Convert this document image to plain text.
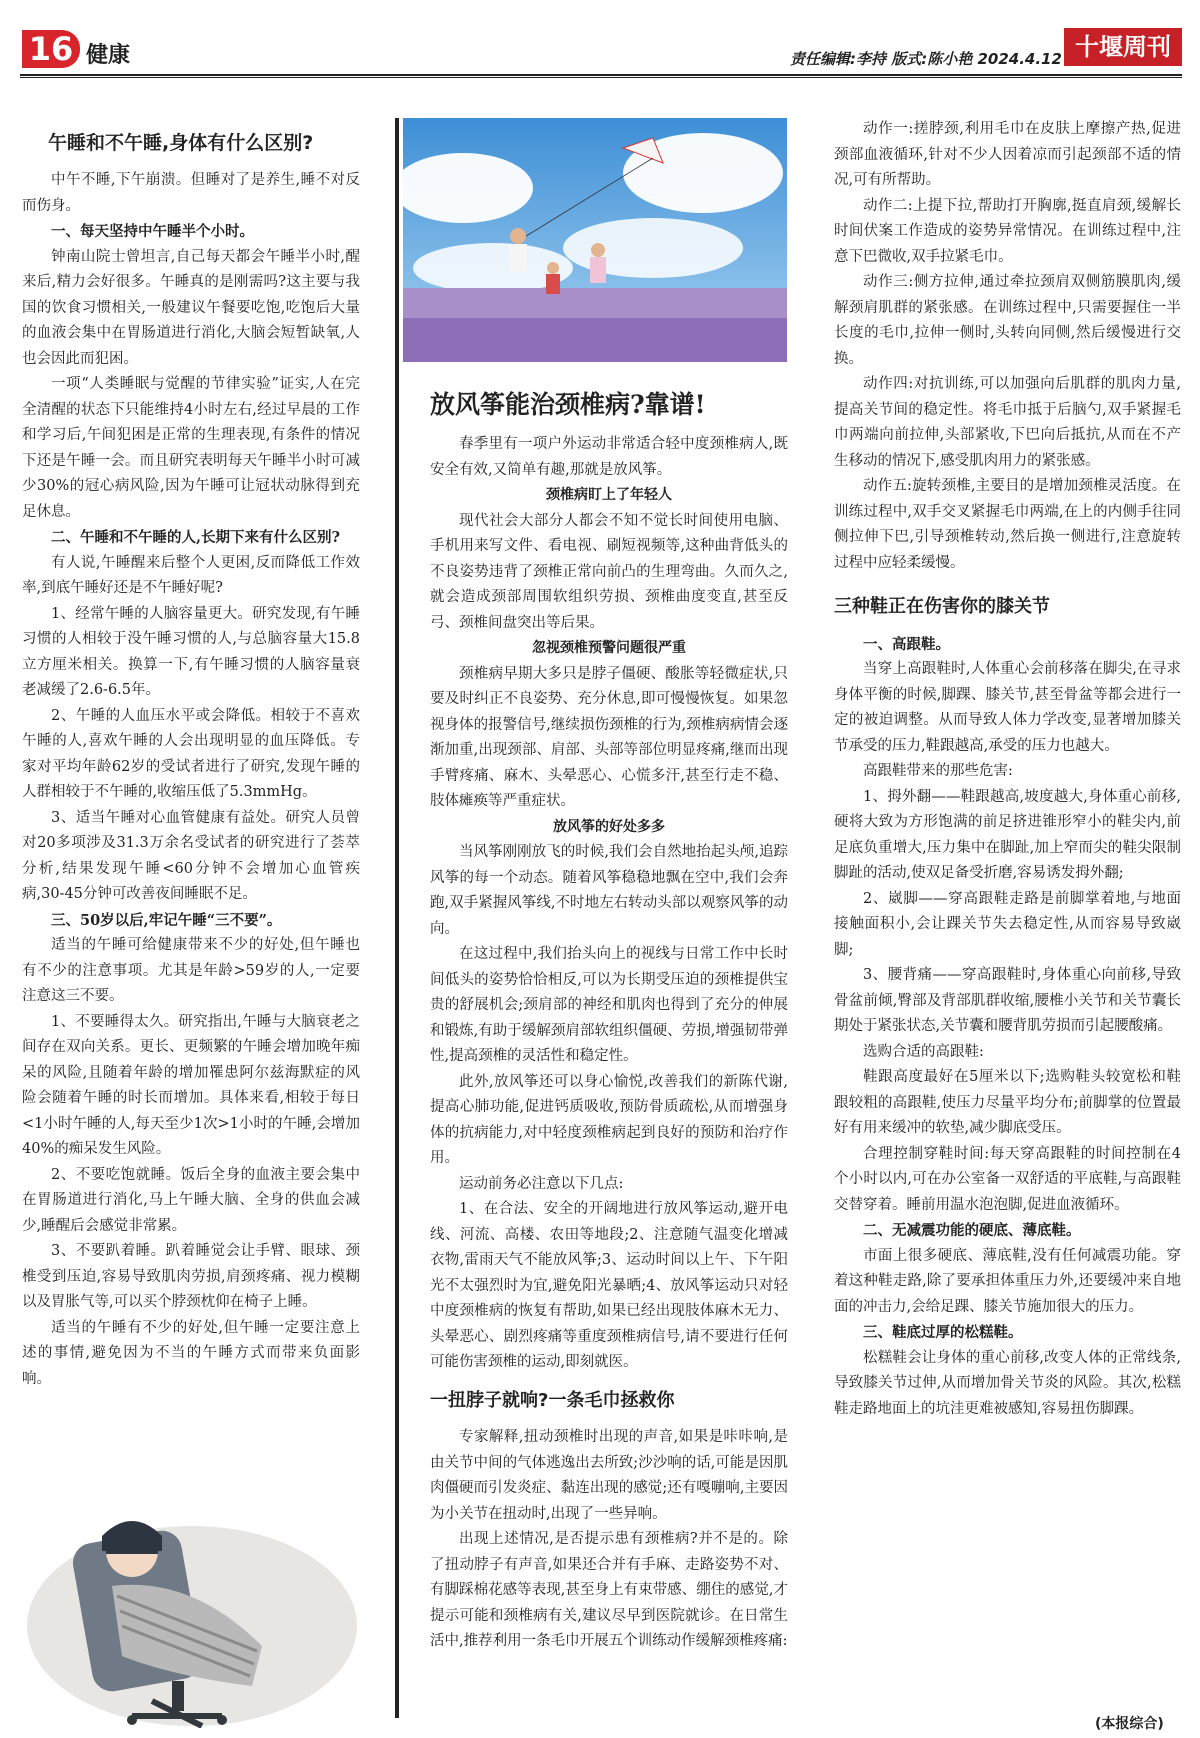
16 健康	责任编辑:李持 版式:陈小艳 2024.4.12 十堰周刊
午睡和不午睡,身体有什么区别?

中午不睡,下午崩溃。但睡对了是养生,睡不对反而伤身。

一、每天坚持中午睡半个小时。

钟南山院士曾坦言,自己每天都会午睡半小时,醒来后,精力会好很多。午睡真的是刚需吗?这主要与我国的饮食习惯相关,一般建议午餐要吃饱,吃饱后大量的血液会集中在胃肠道进行消化,大脑会短暂缺氧,人也会因此而犯困。

一项“人类睡眠与觉醒的节律实验”证实,人在完全清醒的状态下只能维持4小时左右,经过早晨的工作和学习后,午间犯困是正常的生理表现,有条件的情况下还是午睡一会。而且研究表明每天午睡半小时可减少30%的冠心病风险,因为午睡可让冠状动脉得到充足休息。

二、午睡和不午睡的人,长期下来有什么区别?

有人说,午睡醒来后整个人更困,反而降低工作效率,到底午睡好还是不午睡好呢?

1、经常午睡的人脑容量更大。研究发现,有午睡习惯的人相较于没午睡习惯的人,与总脑容量大15.8立方厘米相关。换算一下,有午睡习惯的人脑容量衰老减缓了2.6-6.5年。

2、午睡的人血压水平或会降低。相较于不喜欢午睡的人,喜欢午睡的人会出现明显的血压降低。专家对平均年龄62岁的受试者进行了研究,发现午睡的人群相较于不午睡的,收缩压低了5.3mmHg。

3、适当午睡对心血管健康有益处。研究人员曾对20多项涉及31.3万余名受试者的研究进行了荟萃分析,结果发现午睡<60分钟不会增加心血管疾病,30-45分钟可改善夜间睡眠不足。

三、50岁以后,牢记午睡“三不要”。

适当的午睡可给健康带来不少的好处,但午睡也有不少的注意事项。尤其是年龄>59岁的人,一定要注意这三不要。

1、不要睡得太久。研究指出,午睡与大脑衰老之间存在双向关系。更长、更频繁的午睡会增加晚年痴呆的风险,且随着年龄的增加罹患阿尔兹海默症的风险会随着午睡的时长而增加。具体来看,相较于每日<1小时午睡的人,每天至少1次>1小时的午睡,会增加40%的痴呆发生风险。

2、不要吃饱就睡。饭后全身的血液主要会集中在胃肠道进行消化,马上午睡大脑、全身的供血会减少,睡醒后会感觉非常累。

3、不要趴着睡。趴着睡觉会让手臂、眼球、颈椎受到压迫,容易导致肌肉劳损,肩颈疼痛、视力模糊以及胃胀气等,可以买个脖颈枕仰在椅子上睡。

适当的午睡有不少的好处,但午睡一定要注意上述的事情,避免因为不当的午睡方式而带来负面影响。

放风筝能治颈椎病?靠谱!

春季里有一项户外运动非常适合轻中度颈椎病人,既安全有效,又简单有趣,那就是放风筝。

颈椎病盯上了年轻人

现代社会大部分人都会不知不觉长时间使用电脑、手机用来写文件、看电视、刷短视频等,这种曲背低头的不良姿势违背了颈椎正常向前凸的生理弯曲。久而久之,就会造成颈部周围软组织劳损、颈椎曲度变直,甚至反弓、颈椎间盘突出等后果。

忽视颈椎预警问题很严重

颈椎病早期大多只是脖子僵硬、酸胀等轻微症状,只要及时纠正不良姿势、充分休息,即可慢慢恢复。如果忽视身体的报警信号,继续损伤颈椎的行为,颈椎病病情会逐渐加重,出现颈部、肩部、头部等部位明显疼痛,继而出现手臂疼痛、麻木、头晕恶心、心慌多汗,甚至行走不稳、肢体瘫痪等严重症状。

放风筝的好处多多

当风筝刚刚放飞的时候,我们会自然地抬起头颅,追踪风筝的每一个动态。随着风筝稳稳地飘在空中,我们会奔跑,双手紧握风筝线,不时地左右转动头部以观察风筝的动向。

在这过程中,我们抬头向上的视线与日常工作中长时间低头的姿势恰恰相反,可以为长期受压迫的颈椎提供宝贵的舒展机会;颈肩部的神经和肌肉也得到了充分的伸展和锻炼,有助于缓解颈肩部软组织僵硬、劳损,增强韧带弹性,提高颈椎的灵活性和稳定性。

此外,放风筝还可以身心愉悦,改善我们的新陈代谢,提高心肺功能,促进钙质吸收,预防骨质疏松,从而增强身体的抗病能力,对中轻度颈椎病起到良好的预防和治疗作用。

运动前务必注意以下几点:

1、在合法、安全的开阔地进行放风筝运动,避开电线、河流、高楼、农田等地段;2、注意随气温变化增减衣物,雷雨天气不能放风筝;3、运动时间以上午、下午阳光不太强烈时为宜,避免阳光暴晒;4、放风筝运动只对轻中度颈椎病的恢复有帮助,如果已经出现肢体麻木无力、头晕恶心、剧烈疼痛等重度颈椎病信号,请不要进行任何可能伤害颈椎的运动,即刻就医。

一扭脖子就响?一条毛巾拯救你

专家解释,扭动颈椎时出现的声音,如果是咔咔响,是由关节中间的气体逃逸出去所致;沙沙响的话,可能是因肌肉僵硬而引发炎症、黏连出现的感觉;还有嘎嘣响,主要因为小关节在扭动时,出现了一些异响。

出现上述情况,是否提示患有颈椎病?并不是的。除了扭动脖子有声音,如果还合并有手麻、走路姿势不对、有脚踩棉花感等表现,甚至身上有束带感、绷住的感觉,才提示可能和颈椎病有关,建议尽早到医院就诊。在日常生活中,推荐利用一条毛巾开展五个训练动作缓解颈椎疼痛:

动作一:搓脖颈,利用毛巾在皮肤上摩擦产热,促进颈部血液循环,针对不少人因着凉而引起颈部不适的情况,可有所帮助。

动作二:上提下拉,帮助打开胸廓,挺直肩颈,缓解长时间伏案工作造成的姿势异常情况。在训练过程中,注意下巴微收,双手拉紧毛巾。

动作三:侧方拉伸,通过牵拉颈肩双侧筋膜肌肉,缓解颈肩肌群的紧张感。在训练过程中,只需要握住一半长度的毛巾,拉伸一侧时,头转向同侧,然后缓慢进行交换。

动作四:对抗训练,可以加强向后肌群的肌肉力量,提高关节间的稳定性。将毛巾抵于后脑勺,双手紧握毛巾两端向前拉伸,头部紧收,下巴向后抵抗,从而在不产生移动的情况下,感受肌肉用力的紧张感。

动作五:旋转颈椎,主要目的是增加颈椎灵活度。在训练过程中,双手交叉紧握毛巾两端,在上的内侧手往同侧拉伸下巴,引导颈椎转动,然后换一侧进行,注意旋转过程中应轻柔缓慢。

三种鞋正在伤害你的膝关节

一、高跟鞋。

当穿上高跟鞋时,人体重心会前移落在脚尖,在寻求身体平衡的时候,脚踝、膝关节,甚至骨盆等都会进行一定的被迫调整。从而导致人体力学改变,显著增加膝关节承受的压力,鞋跟越高,承受的压力也越大。

高跟鞋带来的那些危害:

1、拇外翻——鞋跟越高,坡度越大,身体重心前移,硬将大致为方形饱满的前足挤进锥形窄小的鞋尖内,前足底负重增大,压力集中在脚趾,加上窄而尖的鞋尖限制脚趾的活动,使双足备受折磨,容易诱发拇外翻;

2、崴脚——穿高跟鞋走路是前脚掌着地,与地面接触面积小,会让踝关节失去稳定性,从而容易导致崴脚;

3、腰背痛——穿高跟鞋时,身体重心向前移,导致骨盆前倾,臀部及背部肌群收缩,腰椎小关节和关节囊长期处于紧张状态,关节囊和腰背肌劳损而引起腰酸痛。

选购合适的高跟鞋:

鞋跟高度最好在5厘米以下;选购鞋头较宽松和鞋跟较粗的高跟鞋,使压力尽量平均分布;前脚掌的位置最好有用来缓冲的软垫,减少脚底受压。

合理控制穿鞋时间:每天穿高跟鞋的时间控制在4个小时以内,可在办公室备一双舒适的平底鞋,与高跟鞋交替穿着。睡前用温水泡泡脚,促进血液循环。

二、无减震功能的硬底、薄底鞋。

市面上很多硬底、薄底鞋,没有任何减震功能。穿着这种鞋走路,除了要承担体重压力外,还要缓冲来自地面的冲击力,会给足踝、膝关节施加很大的压力。

三、鞋底过厚的松糕鞋。

松糕鞋会让身体的重心前移,改变人体的正常线条,导致膝关节过伸,从而增加骨关节炎的风险。其次,松糕鞋走路地面上的坑洼更难被感知,容易扭伤脚踝。

(本报综合)
